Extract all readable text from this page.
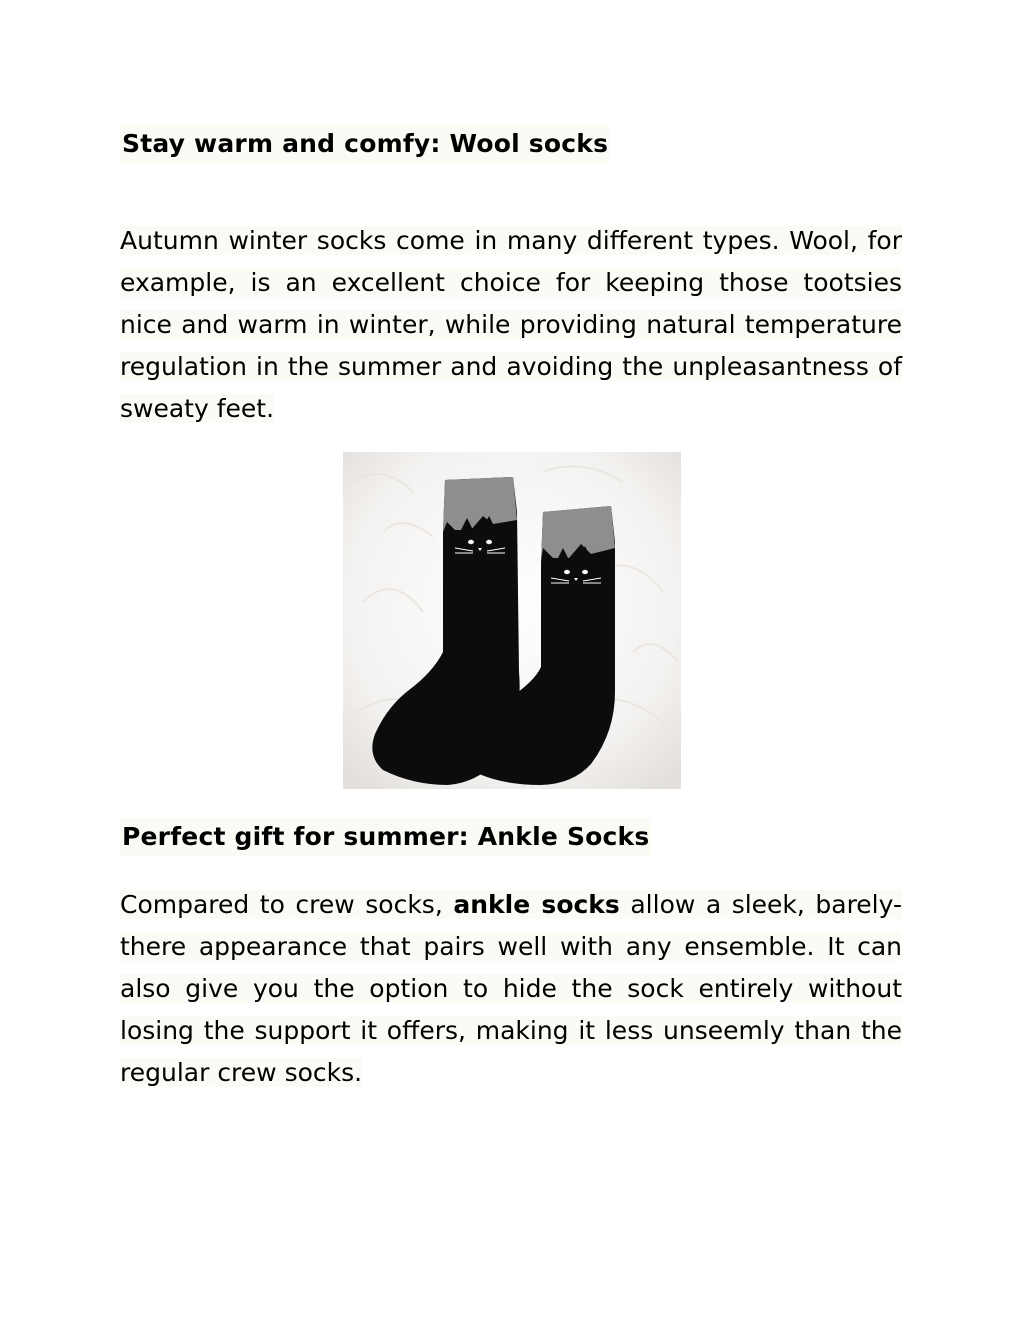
Stay warm and comfy: Wool socks

Autumn winter socks come in many different types. Wool, for example, is an excellent choice for keeping those tootsies nice and warm in winter, while providing natural temperature regulation in the summer and avoiding the unpleasantness of sweaty feet.

Perfect gift for summer: Ankle Socks

Compared to crew socks, ankle socks allow a sleek, barely-there appearance that pairs well with any ensemble. It can also give you the option to hide the sock entirely without losing the support it offers, making it less unseemly than the regular crew socks.
